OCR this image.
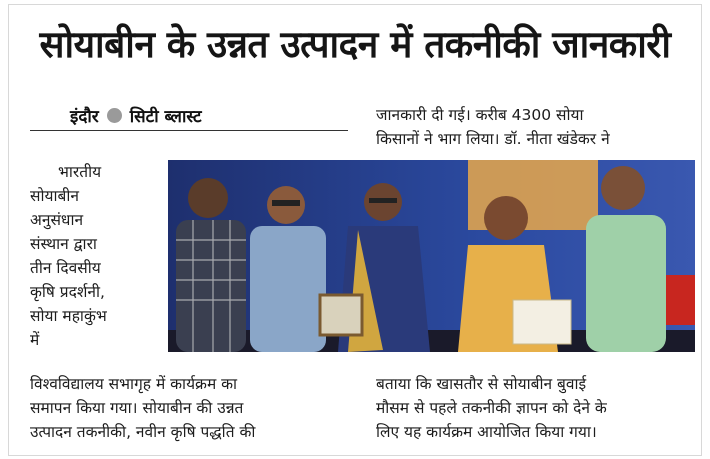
सोयाबीन के उन्नत उत्पादन में तकनीकी जानकारी
इंदौर सिटी ब्लास्ट
भारतीय
सोयाबीन
अनुसंधान
संस्थान द्वारा
तीन दिवसीय
कृषि प्रदर्शनी,
सोया महाकुंभ
में
जानकारी दी गई। करीब 4300 सोया
किसानों ने भाग लिया। डॉ. नीता खंडेकर ने
विश्वविद्यालय सभागृह में कार्यक्रम का
समापन किया गया। सोयाबीन की उन्नत
उत्पादन तकनीकी, नवीन कृषि पद्धति की
बताया कि खासतौर से सोयाबीन बुवाई
मौसम से पहले तकनीकी ज्ञापन को देने के
लिए यह कार्यक्रम आयोजित किया गया।
